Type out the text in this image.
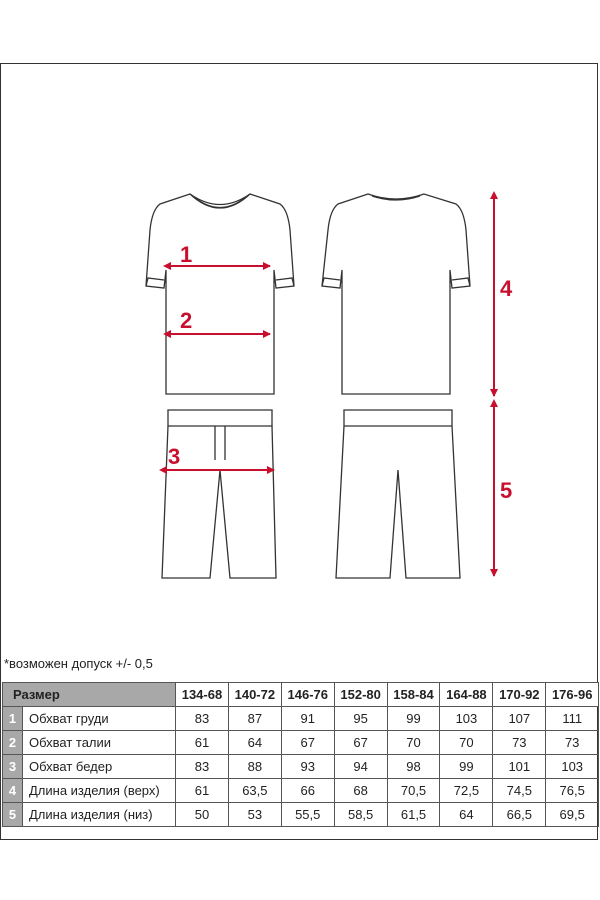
1
2
3
4
5
*возможен допуск +/- 0,5
Размер		134-68	140-72	146-76	152-80	158-84	164-88	170-92	176-96
1	Обхват груди	83	87	91	95	99	103	107	111
2	Обхват талии	61	64	67	67	70	70	73	73
3	Обхват бедер	83	88	93	94	98	99	101	103
4	Длина изделия (верх)	61	63,5	66	68	70,5	72,5	74,5	76,5
5	Длина изделия (низ)	50	53	55,5	58,5	61,5	64	66,5	69,5
